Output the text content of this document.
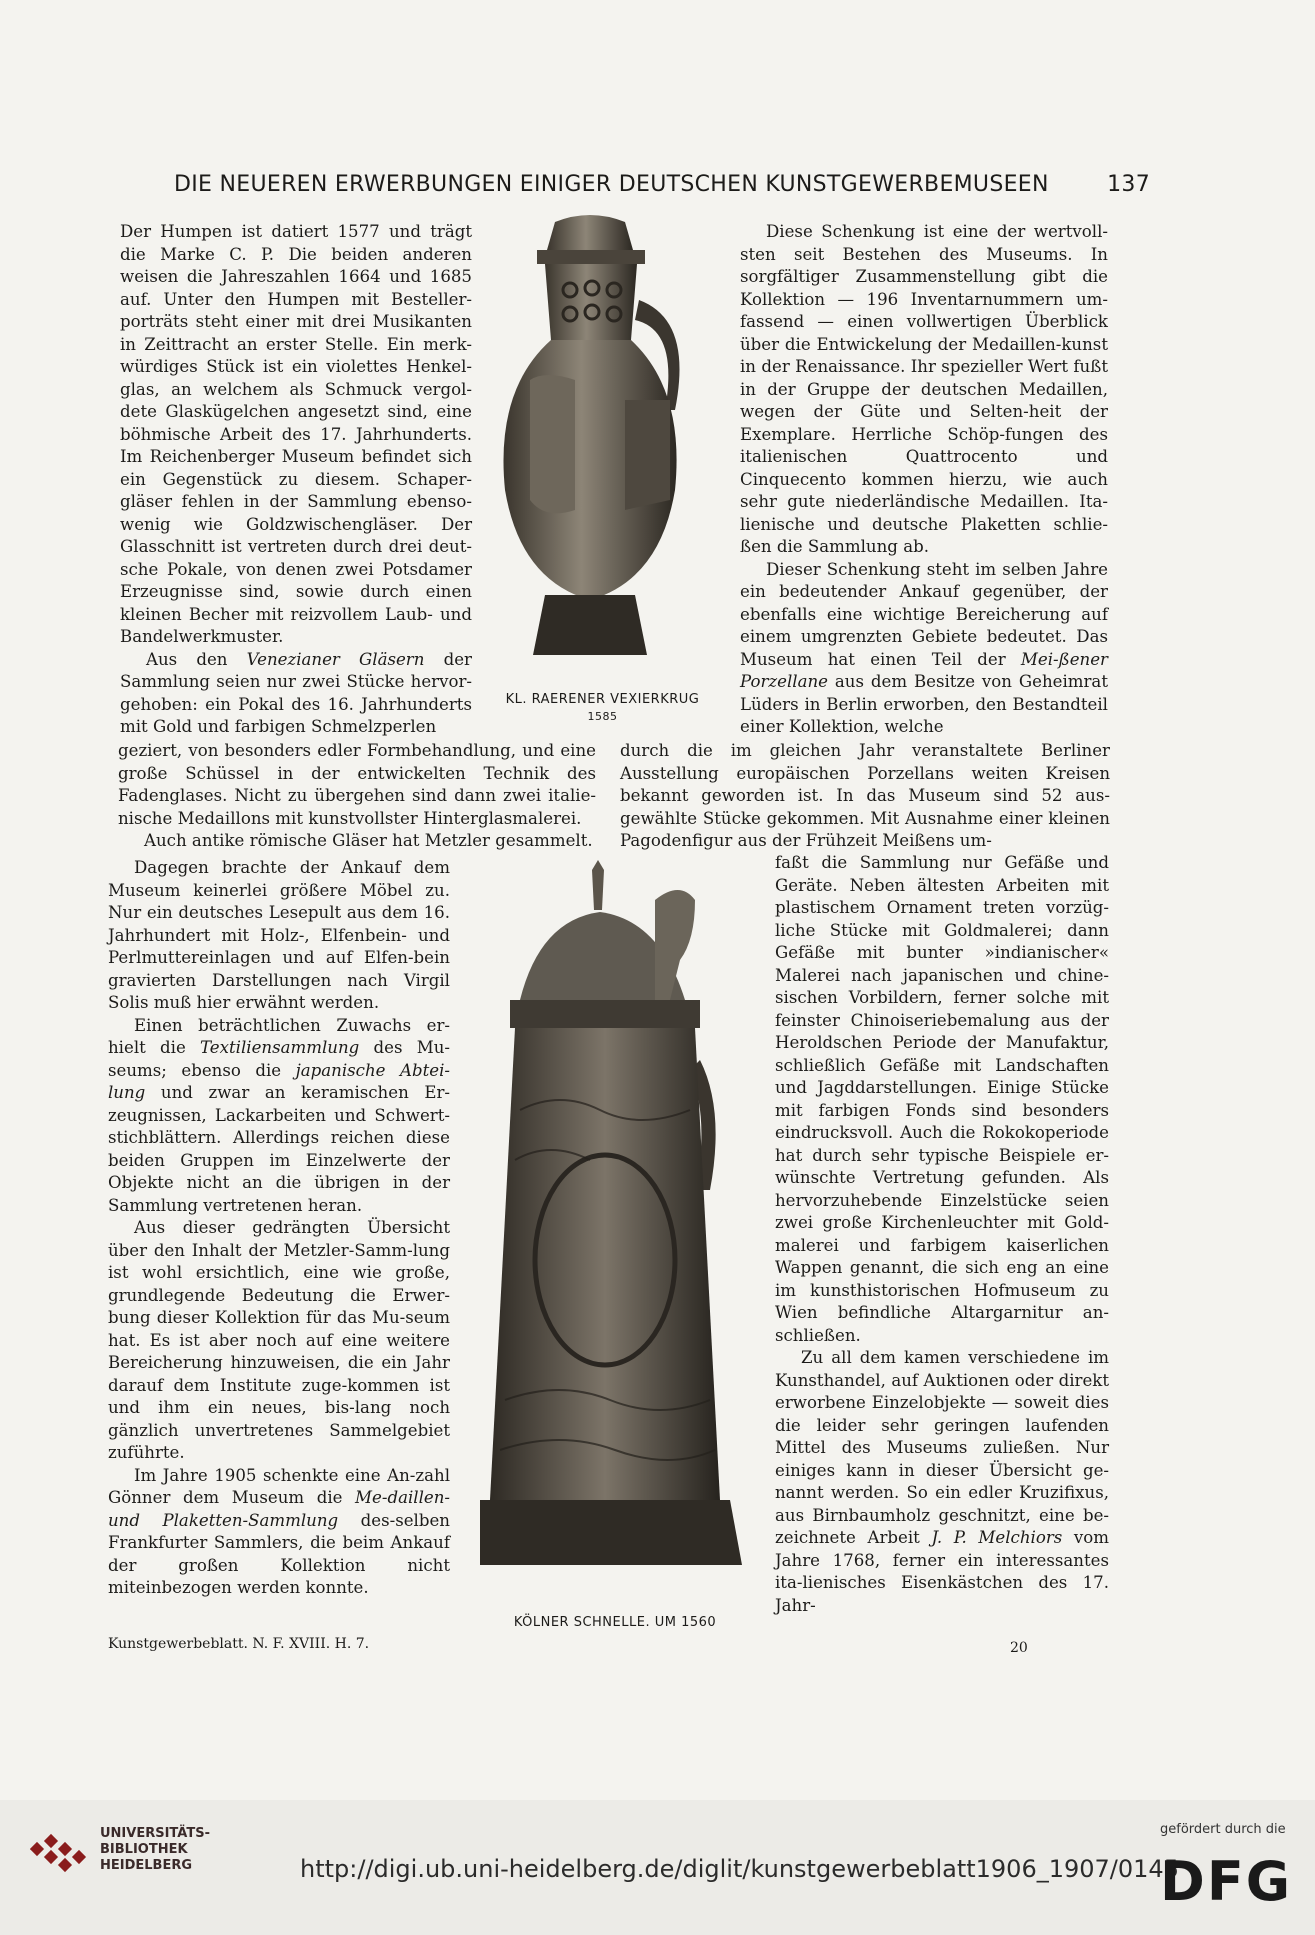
DIE NEUEREN ERWERBUNGEN EINIGER DEUTSCHEN KUNSTGEWERBEMUSEEN	137

Der Humpen ist datiert 1577 und trägt die Marke C. P. Die beiden anderen weisen die Jahreszahlen 1664 und 1685 auf. Unter den Humpen mit Besteller-porträts steht einer mit drei Musikanten in Zeittracht an erster Stelle. Ein merk-würdiges Stück ist ein violettes Henkel-glas, an welchem als Schmuck vergol-dete Glaskügelchen angesetzt sind, eine böhmische Arbeit des 17. Jahrhunderts. Im Reichenberger Museum befindet sich ein Gegenstück zu diesem. Schaper-gläser fehlen in der Sammlung ebenso-wenig wie Goldzwischengläser. Der Glasschnitt ist vertreten durch drei deut-sche Pokale, von denen zwei Potsdamer Erzeugnisse sind, sowie durch einen kleinen Becher mit reizvollem Laub- und Bandelwerkmuster.

Aus den Venezianer Gläsern der Sammlung seien nur zwei Stücke hervor-gehoben: ein Pokal des 16. Jahrhunderts mit Gold und farbigen Schmelzperlen

KL. RAERENER VEXIERKRUG
1585

Diese Schenkung ist eine der wertvoll-sten seit Bestehen des Museums. In sorgfältiger Zusammenstellung gibt die Kollektion — 196 Inventarnummern um-fassend — einen vollwertigen Überblick über die Entwickelung der Medaillen-kunst in der Renaissance. Ihr spezieller Wert fußt in der Gruppe der deutschen Medaillen, wegen der Güte und Selten-heit der Exemplare. Herrliche Schöp-fungen des italienischen Quattrocento und Cinquecento kommen hierzu, wie auch sehr gute niederländische Medaillen. Ita-lienische und deutsche Plaketten schlie-ßen die Sammlung ab.

Dieser Schenkung steht im selben Jahre ein bedeutender Ankauf gegenüber, der ebenfalls eine wichtige Bereicherung auf einem umgrenzten Gebiete bedeutet. Das Museum hat einen Teil der Mei-ßener Porzellane aus dem Besitze von Geheimrat Lüders in Berlin erworben, den Bestandteil einer Kollektion, welche

geziert, von besonders edler Formbehandlung, und eine große Schüssel in der entwickelten Technik des Fadenglases. Nicht zu übergehen sind dann zwei italie-nische Medaillons mit kunstvollster Hinterglasmalerei.

Auch antike römische Gläser hat Metzler gesammelt.

durch die im gleichen Jahr veranstaltete Berliner Ausstellung europäischen Porzellans weiten Kreisen bekannt geworden ist. In das Museum sind 52 aus-gewählte Stücke gekommen. Mit Ausnahme einer kleinen Pagodenfigur aus der Frühzeit Meißens um-

Dagegen brachte der Ankauf dem Museum keinerlei größere Möbel zu. Nur ein deutsches Lesepult aus dem 16. Jahrhundert mit Holz-, Elfenbein- und Perlmuttereinlagen und auf Elfen-bein gravierten Darstellungen nach Virgil Solis muß hier erwähnt werden.

Einen beträchtlichen Zuwachs er-hielt die Textiliensammlung des Mu-seums; ebenso die japanische Abtei-lung und zwar an keramischen Er-zeugnissen, Lackarbeiten und Schwert-stichblättern. Allerdings reichen diese beiden Gruppen im Einzelwerte der Objekte nicht an die übrigen in der Sammlung vertretenen heran.

Aus dieser gedrängten Übersicht über den Inhalt der Metzler-Samm-lung ist wohl ersichtlich, eine wie große, grundlegende Bedeutung die Erwer-bung dieser Kollektion für das Mu-seum hat. Es ist aber noch auf eine weitere Bereicherung hinzuweisen, die ein Jahr darauf dem Institute zuge-kommen ist und ihm ein neues, bis-lang noch gänzlich unvertretenes Sammelgebiet zuführte.

Im Jahre 1905 schenkte eine An-zahl Gönner dem Museum die Me-daillen- und Plaketten-Sammlung des-selben Frankfurter Sammlers, die beim Ankauf der großen Kollektion nicht miteinbezogen werden konnte.

KÖLNER SCHNELLE. UM 1560

faßt die Sammlung nur Gefäße und Geräte. Neben ältesten Arbeiten mit plastischem Ornament treten vorzüg-liche Stücke mit Goldmalerei; dann Gefäße mit bunter »indianischer« Malerei nach japanischen und chine-sischen Vorbildern, ferner solche mit feinster Chinoiseriebemalung aus der Heroldschen Periode der Manufaktur, schließlich Gefäße mit Landschaften und Jagddarstellungen. Einige Stücke mit farbigen Fonds sind besonders eindrucksvoll. Auch die Rokokoperiode hat durch sehr typische Beispiele er-wünschte Vertretung gefunden. Als hervorzuhebende Einzelstücke seien zwei große Kirchenleuchter mit Gold-malerei und farbigem kaiserlichen Wappen genannt, die sich eng an eine im kunsthistorischen Hofmuseum zu Wien befindliche Altargarnitur an-schließen.

Zu all dem kamen verschiedene im Kunsthandel, auf Auktionen oder direkt erworbene Einzelobjekte — soweit dies die leider sehr geringen laufenden Mittel des Museums zuließen. Nur einiges kann in dieser Übersicht ge-nannt werden. So ein edler Kruzifixus, aus Birnbaumholz geschnitzt, eine be-zeichnete Arbeit J. P. Melchiors vom Jahre 1768, ferner ein interessantes ita-lienisches Eisenkästchen des 17. Jahr-

Kunstgewerbeblatt. N. F. XVIII. H. 7.	20
UNIVERSITÄTS-
BIBLIOTHEK
HEIDELBERG	http://digi.ub.uni-heidelberg.de/diglit/kunstgewerbeblatt1906_1907/0145
gefördert durch die
DFG
